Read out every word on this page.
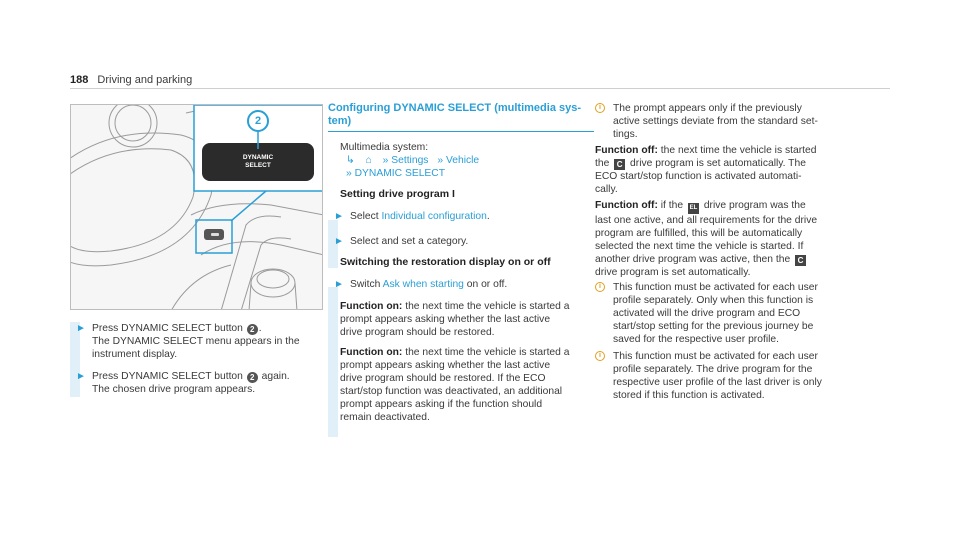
188 Driving and parking
2
DYNAMIC
SELECT
► Press DYNAMIC SELECT button 2 .
The DYNAMIC SELECT menu appears in the
instrument display.
► Press DYNAMIC SELECT button 2 again.
The chosen drive program appears.
Configuring DYNAMIC SELECT (multimedia sys-
tem)
Multimedia system:
↳ ⌂ » Settings » Vehicle
» DYNAMIC SELECT
Setting drive program I
► Select Individual configuration.
► Select and set a category.
Switching the restoration display on or off
► Switch Ask when starting on or off.
Function on: the next time the vehicle is started a
prompt appears asking whether the last active
drive program should be restored.
Function on: the next time the vehicle is started a
prompt appears asking whether the last active
drive program should be restored. If the ECO
start/stop function was deactivated, an additional
prompt appears asking if the function should
remain deactivated.
i	The prompt appears only if the previously
active settings deviate from the standard set-
tings.
Function off: the next time the vehicle is started
the C drive program is set automatically. The
ECO start/stop function is activated automati-
cally.
Function off: if the EL drive program was the
last one active, and all requirements for the drive
program are fulfilled, this will be automatically
selected the next time the vehicle is started. If
another drive program was active, then the C
drive program is set automatically.
i	This function must be activated for each user
profile separately. Only when this function is
activated will the drive program and ECO
start/stop setting for the previous journey be
saved for the respective user profile.
i	This function must be activated for each user
profile separately. The drive program for the
respective user profile of the last driver is only
stored if this function is activated.
